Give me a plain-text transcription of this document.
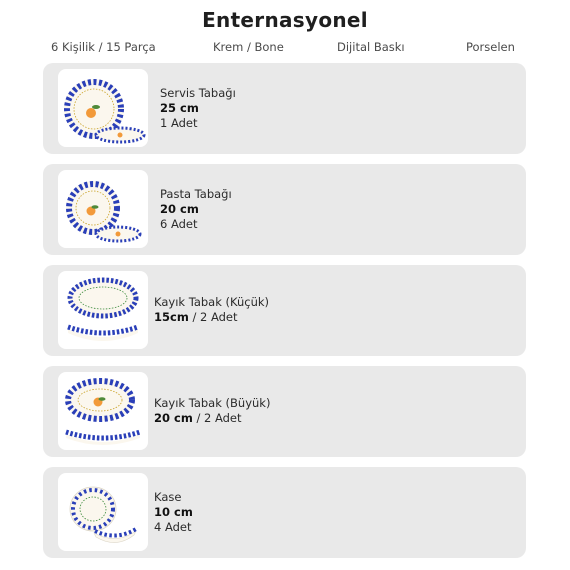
Enternasyonel
6 Kişilik / 15 Parça	Krem / Bone	Dijital Baskı	Porselen
Servis Tabağı
25 cm
1 Adet
Pasta Tabağı
20 cm
6 Adet
Kayık Tabak (Küçük)
15cm / 2 Adet
Kayık Tabak (Büyük)
20 cm / 2 Adet
Kase
10 cm
4 Adet
